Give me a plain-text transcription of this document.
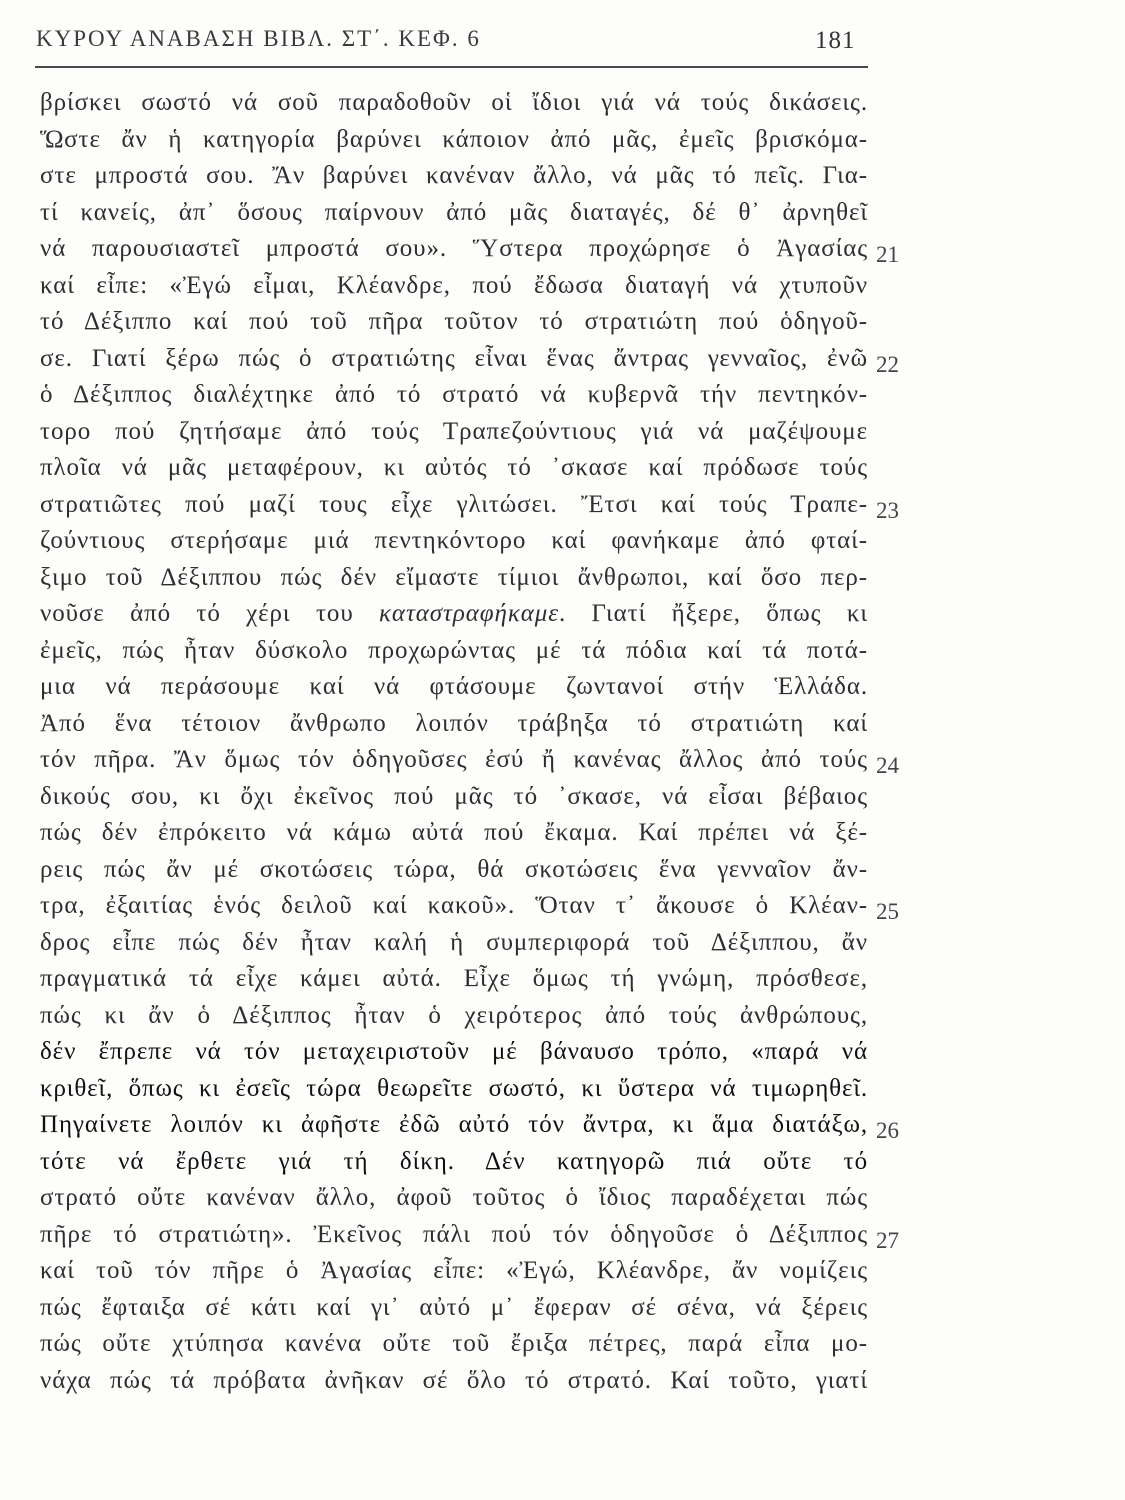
ΚΥΡΟΥ ΑΝΑΒΑΣΗ ΒΙΒΛ. ΣΤ΄. ΚΕΦ. 6	181
βρίσκει σωστό νά σοῦ παραδοθοῦν οἱ ἴδιοι γιά νά τούς δικάσεις.
Ὥστε ἄν ἡ κατηγορία βαρύνει κάποιον ἀπό μᾶς, ἐμεῖς βρισκόμα-
στε μπροστά σου. Ἄν βαρύνει κανέναν ἄλλο, νά μᾶς τό πεῖς. Για-
τί κανείς, ἀπ᾿ ὅσους παίρνουν ἀπό μᾶς διαταγές, δέ θ᾿ ἀρνηθεῖ
νά παρουσιαστεῖ μπροστά σου». Ὕστερα προχώρησε ὁ Ἀγασίας 21
καί εἶπε: «Ἐγώ εἶμαι, Κλέανδρε, πού ἔδωσα διαταγή νά χτυποῦν
τό Δέξιππο καί πού τοῦ πῆρα τοῦτον τό στρατιώτη πού ὁδηγοῦ-
σε. Γιατί ξέρω πώς ὁ στρατιώτης εἶναι ἕνας ἄντρας γενναῖος, ἐνῶ 22
ὁ Δέξιππος διαλέχτηκε ἀπό τό στρατό νά κυβερνᾶ τήν πεντηκόν-
τορο πού ζητήσαμε ἀπό τούς Τραπεζούντιους γιά νά μαζέψουμε
πλοῖα νά μᾶς μεταφέρουν, κι αὐτός τό ᾿σκασε καί πρόδωσε τούς
στρατιῶτες πού μαζί τους εἶχε γλιτώσει. Ἔτσι καί τούς Τραπε- 23
ζούντιους στερήσαμε μιά πεντηκόντορο καί φανήκαμε ἀπό φταί-
ξιμο τοῦ Δέξιππου πώς δέν εἴμαστε τίμιοι ἄνθρωποι, καί ὅσο περ-
νοῦσε ἀπό τό χέρι του καταστραφήκαμε. Γιατί ἤξερε, ὅπως κι
ἐμεῖς, πώς ἦταν δύσκολο προχωρώντας μέ τά πόδια καί τά ποτά-
μια νά περάσουμε καί νά φτάσουμε ζωντανοί στήν Ἑλλάδα.
Ἀπό ἕνα τέτοιον ἄνθρωπο λοιπόν τράβηξα τό στρατιώτη καί
τόν πῆρα. Ἄν ὅμως τόν ὁδηγοῦσες ἐσύ ἤ κανένας ἄλλος ἀπό τούς 24
δικούς σου, κι ὄχι ἐκεῖνος πού μᾶς τό ᾿σκασε, νά εἶσαι βέβαιος
πώς δέν ἐπρόκειτο νά κάμω αὐτά πού ἔκαμα. Καί πρέπει νά ξέ-
ρεις πώς ἄν μέ σκοτώσεις τώρα, θά σκοτώσεις ἕνα γενναῖον ἄν-
τρα, ἐξαιτίας ἑνός δειλοῦ καί κακοῦ». Ὅταν τ᾿ ἄκουσε ὁ Κλέαν- 25
δρος εἶπε πώς δέν ἦταν καλή ἡ συμπεριφορά τοῦ Δέξιππου, ἄν
πραγματικά τά εἶχε κάμει αὐτά. Εἶχε ὅμως τή γνώμη, πρόσθεσε,
πώς κι ἄν ὁ Δέξιππος ἦταν ὁ χειρότερος ἀπό τούς ἀνθρώπους,
δέν ἔπρεπε νά τόν μεταχειριστοῦν μέ βάναυσο τρόπο, «παρά νά
κριθεῖ, ὅπως κι ἐσεῖς τώρα θεωρεῖτε σωστό, κι ὕστερα νά τιμωρηθεῖ.
Πηγαίνετε λοιπόν κι ἀφῆστε ἐδῶ αὐτό τόν ἄντρα, κι ἅμα διατάξω, 26
τότε νά ἔρθετε γιά τή δίκη. Δέν κατηγορῶ πιά οὔτε τό
στρατό οὔτε κανέναν ἄλλο, ἀφοῦ τοῦτος ὁ ἴδιος παραδέχεται πώς
πῆρε τό στρατιώτη». Ἐκεῖνος πάλι πού τόν ὁδηγοῦσε ὁ Δέξιππος 27
καί τοῦ τόν πῆρε ὁ Ἀγασίας εἶπε: «Ἐγώ, Κλέανδρε, ἄν νομίζεις
πώς ἔφταιξα σέ κάτι καί γι᾿ αὐτό μ᾿ ἔφεραν σέ σένα, νά ξέρεις
πώς οὔτε χτύπησα κανένα οὔτε τοῦ ἔριξα πέτρες, παρά εἶπα μο-
νάχα πώς τά πρόβατα ἀνῆκαν σέ ὅλο τό στρατό. Καί τοῦτο, γιατί
